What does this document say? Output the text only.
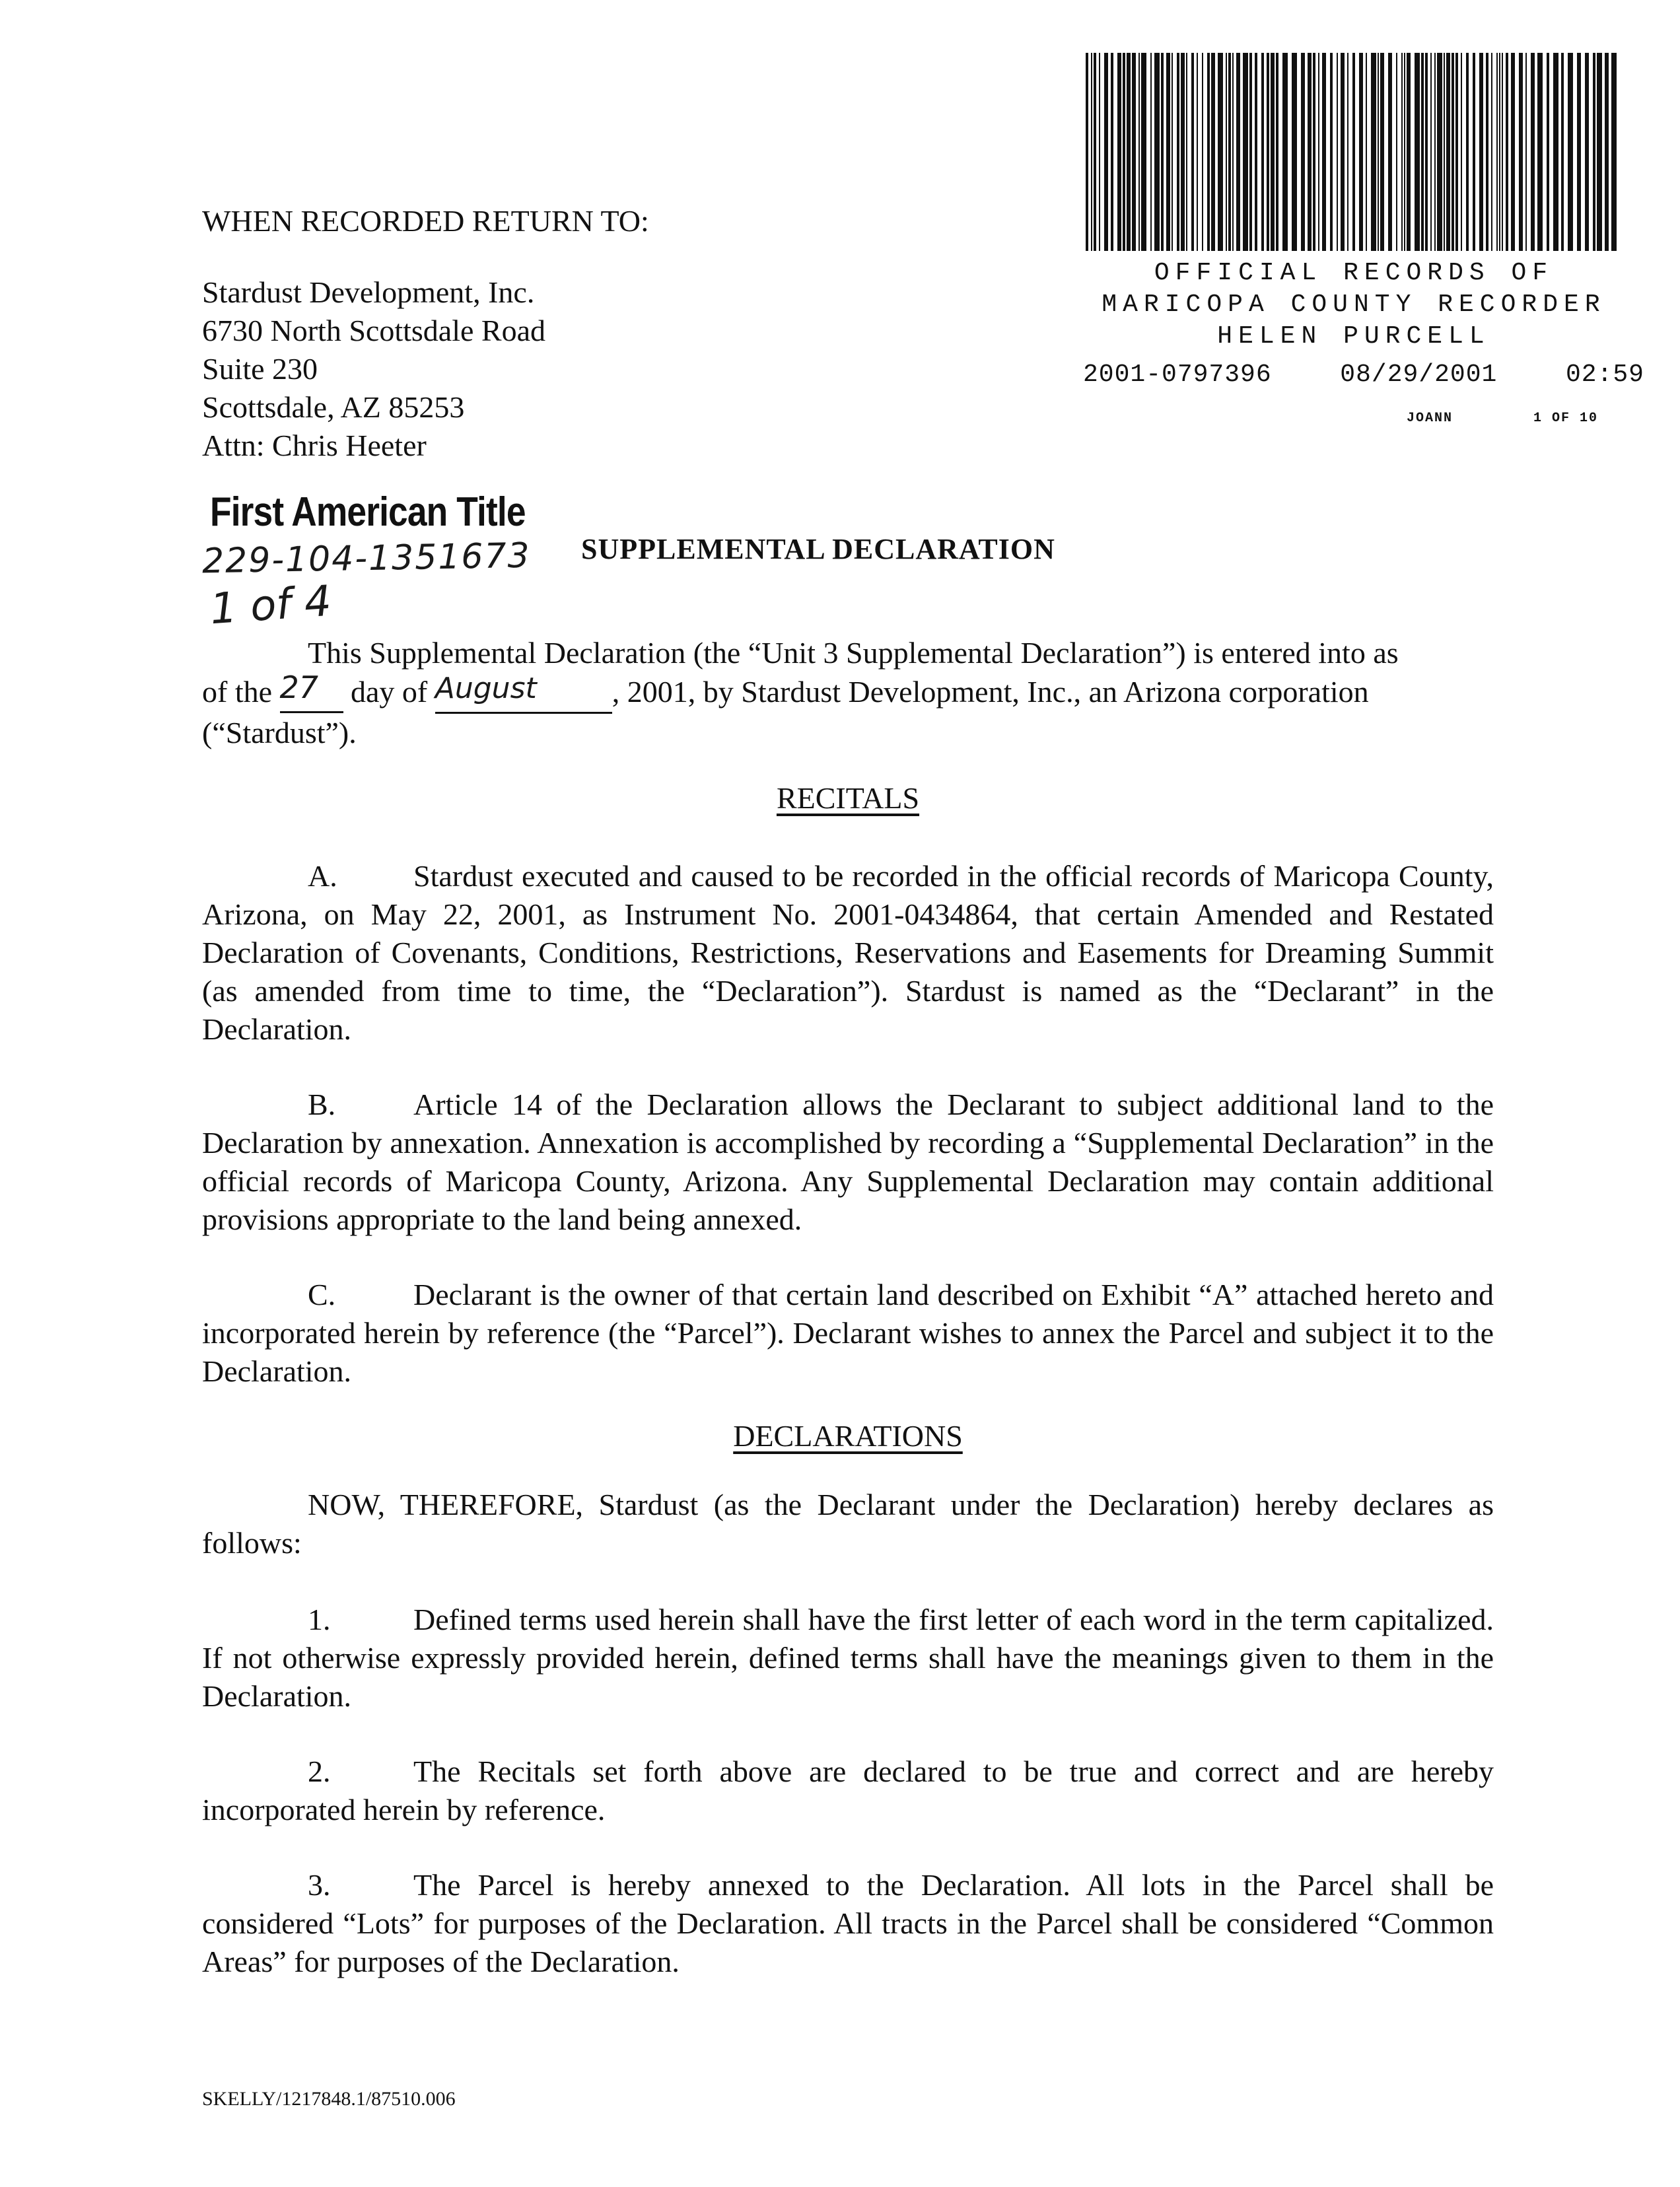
WHEN RECORDED RETURN TO:
Stardust Development, Inc.
6730 North Scottsdale Road
Suite 230
Scottsdale, AZ 85253
Attn: Chris Heeter
OFFICIAL RECORDS OF
MARICOPA COUNTY RECORDER
HELEN PURCELL
2001-0797396	08/29/2001	02:59
JOANN	1 OF 10
First American Title
229-104-1351673
1 of 4
SUPPLEMENTAL DECLARATION
This Supplemental Declaration (the “Unit 3 Supplemental Declaration”) is entered into as
of the 27 day of August , 2001, by Stardust Development, Inc., an Arizona corporation
(“Stardust”).
RECITALS
A.	Stardust executed and caused to be recorded in the official records of Maricopa County, Arizona, on May 22, 2001, as Instrument No. 2001-0434864, that certain Amended and Restated Declaration of Covenants, Conditions, Restrictions, Reservations and Easements for Dreaming Summit (as amended from time to time, the “Declaration”). Stardust is named as the “Declarant” in the Declaration.
B.	Article 14 of the Declaration allows the Declarant to subject additional land to the Declaration by annexation. Annexation is accomplished by recording a “Supplemental Declaration” in the official records of Maricopa County, Arizona. Any Supplemental Declaration may contain additional provisions appropriate to the land being annexed.
C.	Declarant is the owner of that certain land described on Exhibit “A” attached hereto and incorporated herein by reference (the “Parcel”). Declarant wishes to annex the Parcel and subject it to the Declaration.
DECLARATIONS
NOW, THEREFORE, Stardust (as the Declarant under the Declaration) hereby declares as follows:
1.	Defined terms used herein shall have the first letter of each word in the term capitalized. If not otherwise expressly provided herein, defined terms shall have the meanings given to them in the Declaration.
2.	The Recitals set forth above are declared to be true and correct and are hereby incorporated herein by reference.
3.	The Parcel is hereby annexed to the Declaration. All lots in the Parcel shall be considered “Lots” for purposes of the Declaration. All tracts in the Parcel shall be considered “Common Areas” for purposes of the Declaration.
SKELLY/1217848.1/87510.006
